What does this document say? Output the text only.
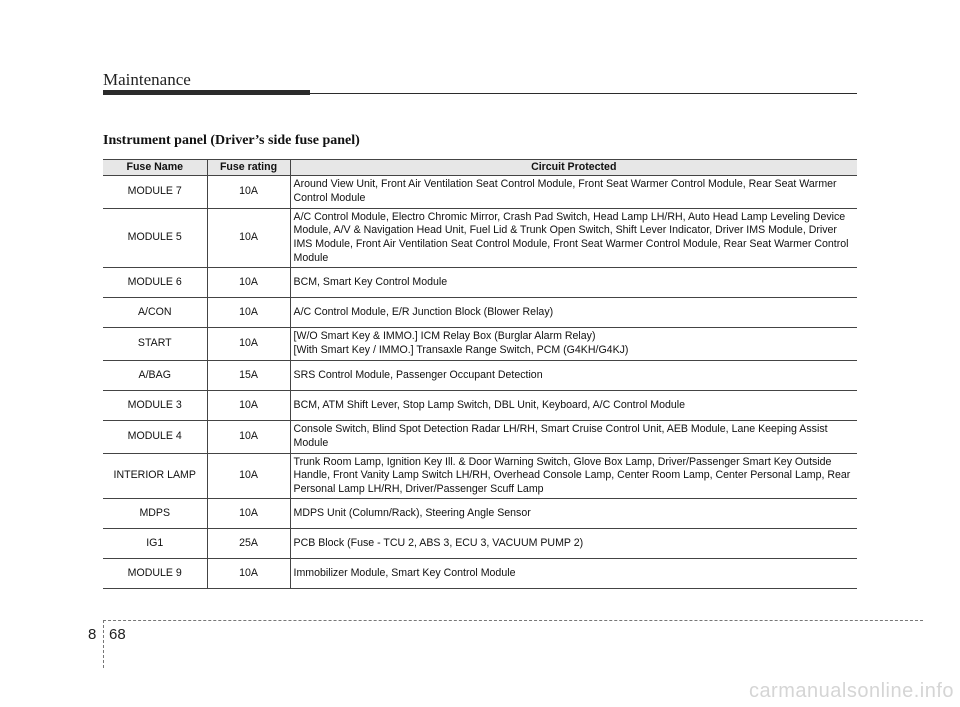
Maintenance
Instrument panel (Driver’s side fuse panel)
Fuse Name	Fuse rating	Circuit Protected
MODULE 7	10A	Around View Unit, Front Air Ventilation Seat Control Module, Front Seat Warmer Control Module, Rear Seat Warmer Control Module
MODULE 5	10A	A/C Control Module, Electro Chromic Mirror, Crash Pad Switch, Head Lamp LH/RH, Auto Head Lamp Leveling Device Module, A/V & Navigation Head Unit, Fuel Lid & Trunk Open Switch, Shift Lever Indicator, Driver IMS Module, Driver IMS Module, Front Air Ventilation Seat Control Module, Front Seat Warmer Control Module, Rear Seat Warmer Control Module
MODULE 6	10A	BCM, Smart Key Control Module
A/CON	10A	A/C Control Module, E/R Junction Block (Blower Relay)
START	10A	[W/O Smart Key & IMMO.] ICM Relay Box (Burglar Alarm Relay)
[With Smart Key / IMMO.] Transaxle Range Switch, PCM (G4KH/G4KJ)

A/BAG	15A	SRS Control Module, Passenger Occupant Detection
MODULE 3	10A	BCM, ATM Shift Lever, Stop Lamp Switch, DBL Unit, Keyboard, A/C Control Module
MODULE 4	10A	Console Switch, Blind Spot Detection Radar LH/RH, Smart Cruise Control Unit, AEB Module, Lane Keeping Assist Module
INTERIOR LAMP	10A	Trunk Room Lamp, Ignition Key Ill. & Door Warning Switch, Glove Box Lamp, Driver/Passenger Smart Key Outside Handle, Front Vanity Lamp Switch LH/RH, Overhead Console Lamp, Center Room Lamp, Center Personal Lamp, Rear Personal Lamp LH/RH, Driver/Passenger Scuff Lamp
MDPS	10A	MDPS Unit (Column/Rack), Steering Angle Sensor
IG1	25A	PCB Block (Fuse - TCU 2, ABS 3, ECU 3, VACUUM PUMP 2)
MODULE 9	10A	Immobilizer Module, Smart Key Control Module
8 68
carmanualsonline.info
